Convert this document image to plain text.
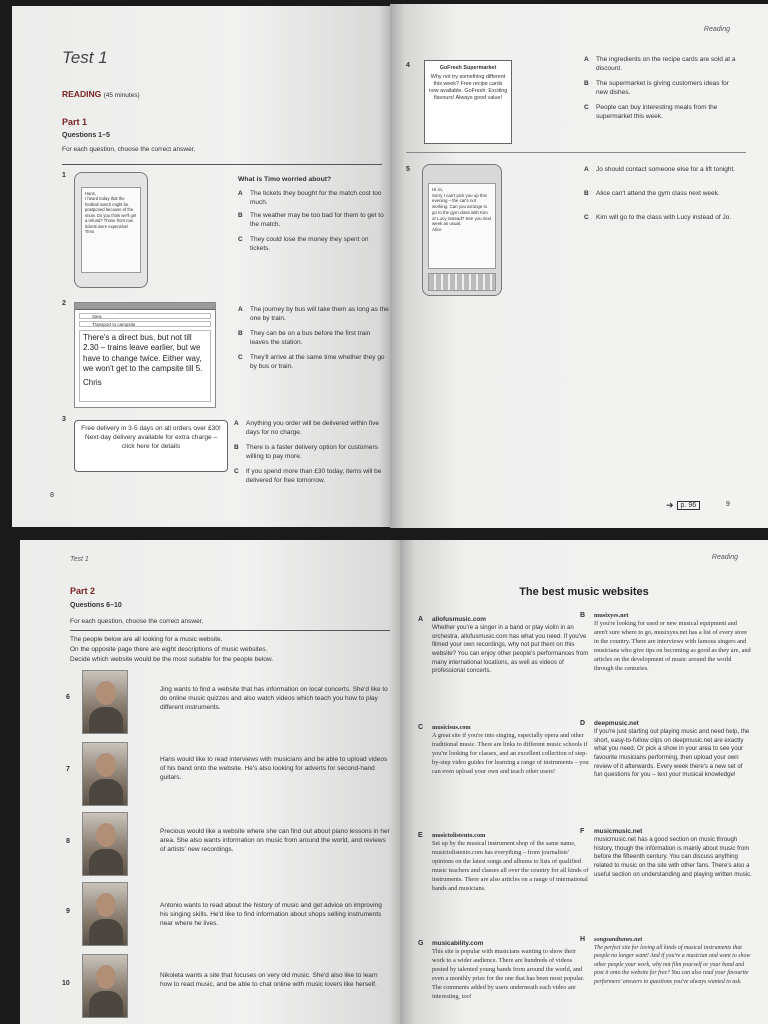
Test 1
READING (45 minutes)
Part 1
Questions 1–5
For each question, choose the correct answer.
1
Hans,
I heard today that the football match might be postponed because of the snow. Do you think we'll get a refund? Those front row tickets were expensive!
Timo
What is Timo worried about?
A	The tickets they bought for the match cost too much.
B	The weather may be too bad for them to get to the match.
C	They could lose the money they spent on tickets.
2
Message
Sara
Transport to campsite
There's a direct bus, but not till 2.30 – trains leave earlier, but we have to change twice. Either way, we won't get to the campsite till 5.
Chris
A	The journey by bus will take them as long as the one by train.
B	They can be on a bus before the first train leaves the station.
C	They'll arrive at the same time whether they go by bus or train.
3
Free delivery in 3-5 days on all orders over £30!
Next-day delivery available for extra charge – click here for details
A	Anything you order will be delivered within five days for no charge.
B	There is a faster delivery option for customers willing to pay more.
C	If you spend more than £30 today, items will be delivered for free tomorrow.
8
Reading
4	GoFresh Supermarket
Why not try something different this week? Free recipe cards now available. GoFresh: Exciting flavours! Always good value!
A	The ingredients on the recipe cards are sold at a discount.
B	The supermarket is giving customers ideas for new dishes.
C	People can buy interesting meals from the supermarket this week.
5
Hi Jo,
Sorry I can't pick you up this evening – the car's not working. Can you arrange to go to the gym class with Kim or Lucy instead? See you next week as usual.
Alice
A	Jo should contact someone else for a lift tonight.
B	Alice can't attend the gym class next week.
C	Kim will go to the class with Lucy instead of Jo.
➜	p. 96	9
Test 1
Part 2
Questions 6–10
For each question, choose the correct answer.
The people below are all looking for a music website.
On the opposite page there are eight descriptions of music websites.
Decide which website would be the most suitable for the people below.
6
Jing wants to find a website that has information on local concerts. She'd like to do online music quizzes and also watch videos which teach you how to play different instruments.
7
Hans would like to read interviews with musicians and be able to upload videos of his band onto the website. He's also looking for adverts for second-hand guitars.
8
Precious would like a website where she can find out about piano lessons in her area. She also wants information on music from around the world, and reviews of artists' new recordings.
9
Antonio wants to read about the history of music and get advice on improving his singing skills. He'd like to find information about shops selling instruments near where he lives.
10
Nikoleta wants a site that focuses on very old music. She'd also like to learn how to read music, and be able to chat online with music lovers like herself.
Reading
The best music websites
A allofusmusic.com
Whether you're a singer in a band or play violin in an orchestra, allofusmusic.com has what you need. If you've filmed your own recordings, why not put them on this website? You can enjoy other people's performances from many international locations, as well as videos of professional concerts.
B musixyes.net
If you're looking for used or new musical equipment and aren't sure where to go, musixyes.net has a list of every store in the country. There are interviews with famous singers and musicians who give tips on becoming as good as they are, and articles on the development of music around the world through the centuries.
C musicisus.com
A great site if you're into singing, especially opera and other traditional music. There are links to different music schools if you're looking for classes, and an excellent collection of step-by-step video guides for learning a range of instruments – you can even upload your own and teach other users!
D deepmusic.net
If you're just starting out playing music and need help, the short, easy-to-follow clips on deepmusic.net are exactly what you need. Or pick a show in your area to see your favourite musicians performing, then upload your own review of it afterwards. Every week there's a new set of fun questions for you – test your musical knowledge!
E musictolistento.com
Set up by the musical instrument shop of the same name, musictolistento.com has everything – from journalists' opinions on the latest songs and albums to lists of qualified music teachers and classes all over the country for all kinds of instruments. There are also articles on a range of international bands and musicians.
F musicmusic.net
musicmusic.net has a good section on music through history, though the information is mainly about music from before the fifteenth century. You can discuss anything related to music on the site with other fans. There's also a useful section on understanding and playing written music.
G musicability.com
This site is popular with musicians wanting to show their work to a wider audience. There are hundreds of videos posted by talented young bands from around the world, and even a monthly prize for the one that has been most popular. The comments added by users underneath each video are interesting, too!
H songsandtunes.net
The perfect site for loving all kinds of musical instruments that people no longer want! And if you're a musician and want to show other people your work, why not film yourself or your band and post it onto the website for free? You can also read your favourite performers' answers to questions you've always wanted to ask.
